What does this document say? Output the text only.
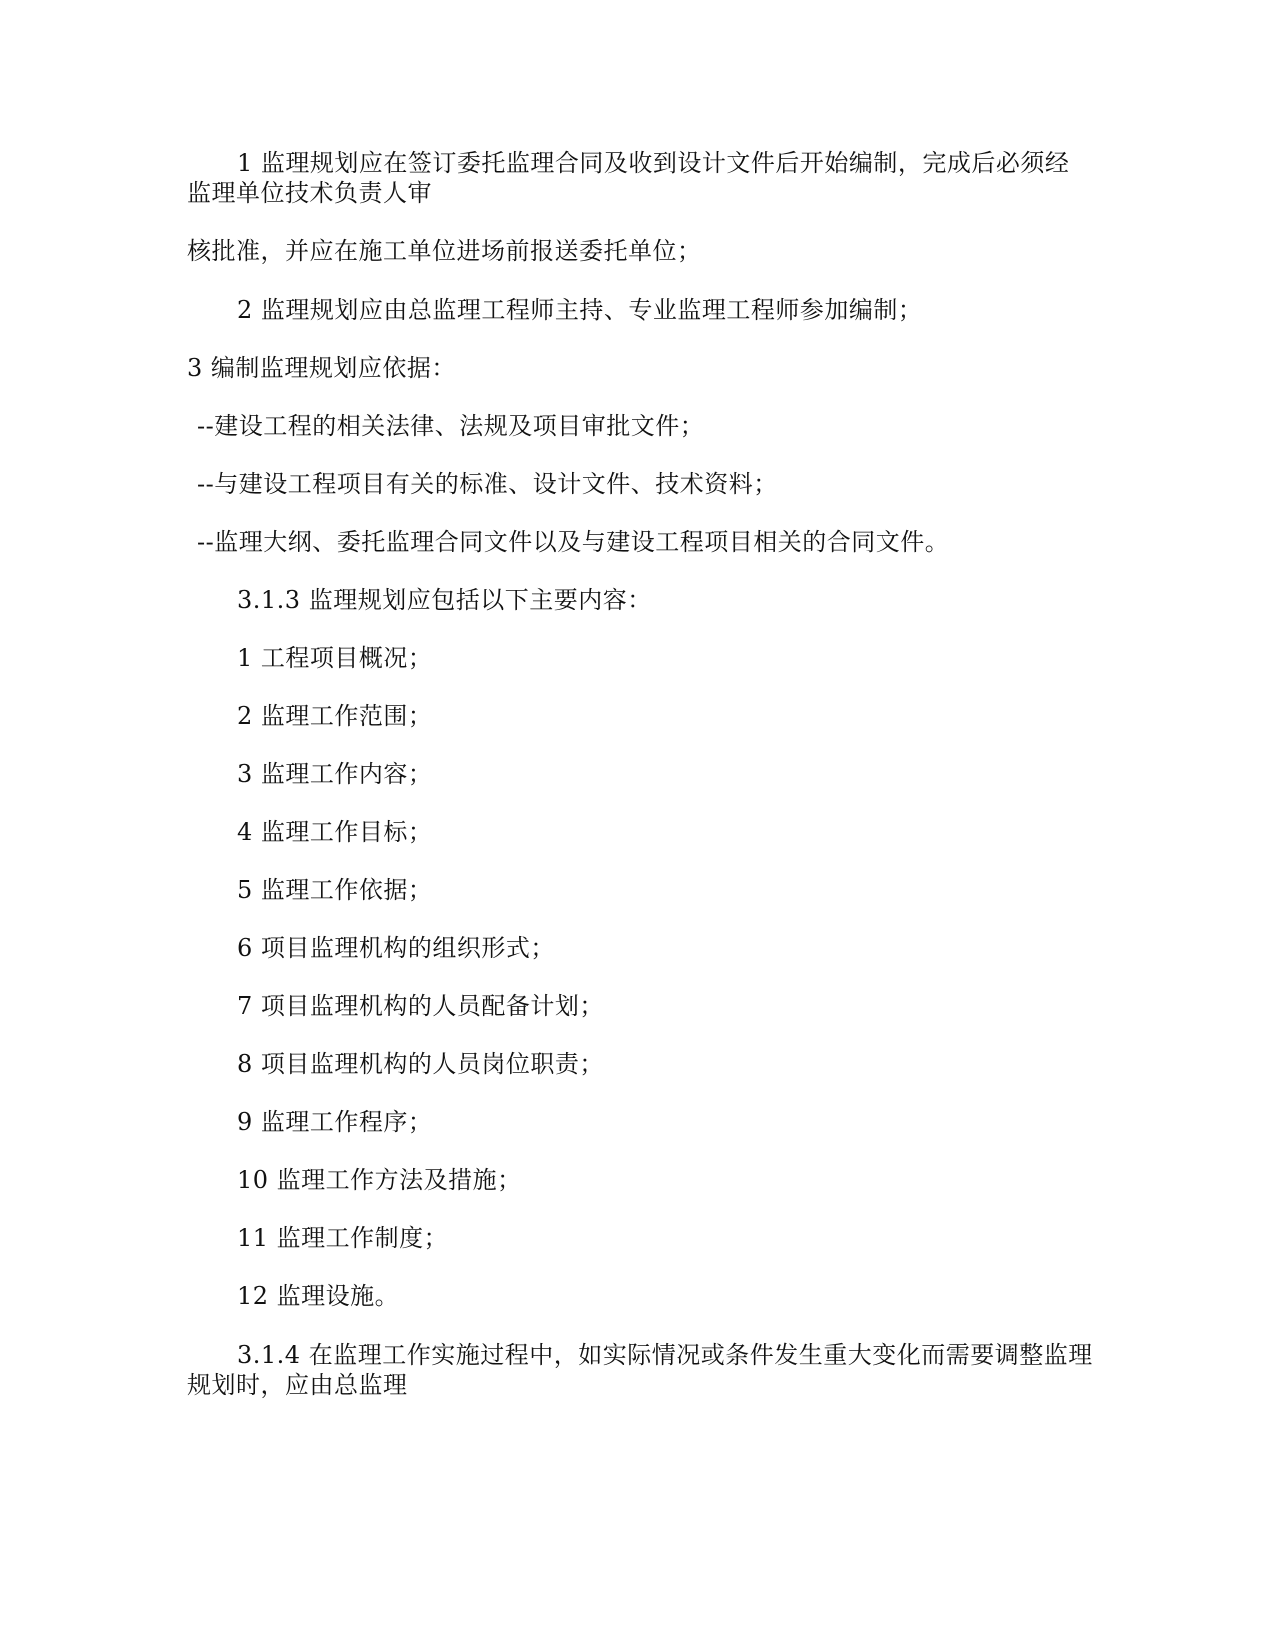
1 监理规划应在签订委托监理合同及收到设计文件后开始编制，完成后必须经
监理单位技术负责人审
核批准，并应在施工单位进场前报送委托单位；
2 监理规划应由总监理工程师主持、专业监理工程师参加编制；
3 编制监理规划应依据：
--建设工程的相关法律、法规及项目审批文件；
--与建设工程项目有关的标准、设计文件、技术资料；
--监理大纲、委托监理合同文件以及与建设工程项目相关的合同文件。
3.1.3 监理规划应包括以下主要内容：
1 工程项目概况；
2 监理工作范围；
3 监理工作内容；
4 监理工作目标；
5 监理工作依据；
6 项目监理机构的组织形式；
7 项目监理机构的人员配备计划；
8 项目监理机构的人员岗位职责；
9 监理工作程序；
10 监理工作方法及措施；
11 监理工作制度；
12 监理设施。
3.1.4 在监理工作实施过程中，如实际情况或条件发生重大变化而需要调整监理
规划时，应由总监理
